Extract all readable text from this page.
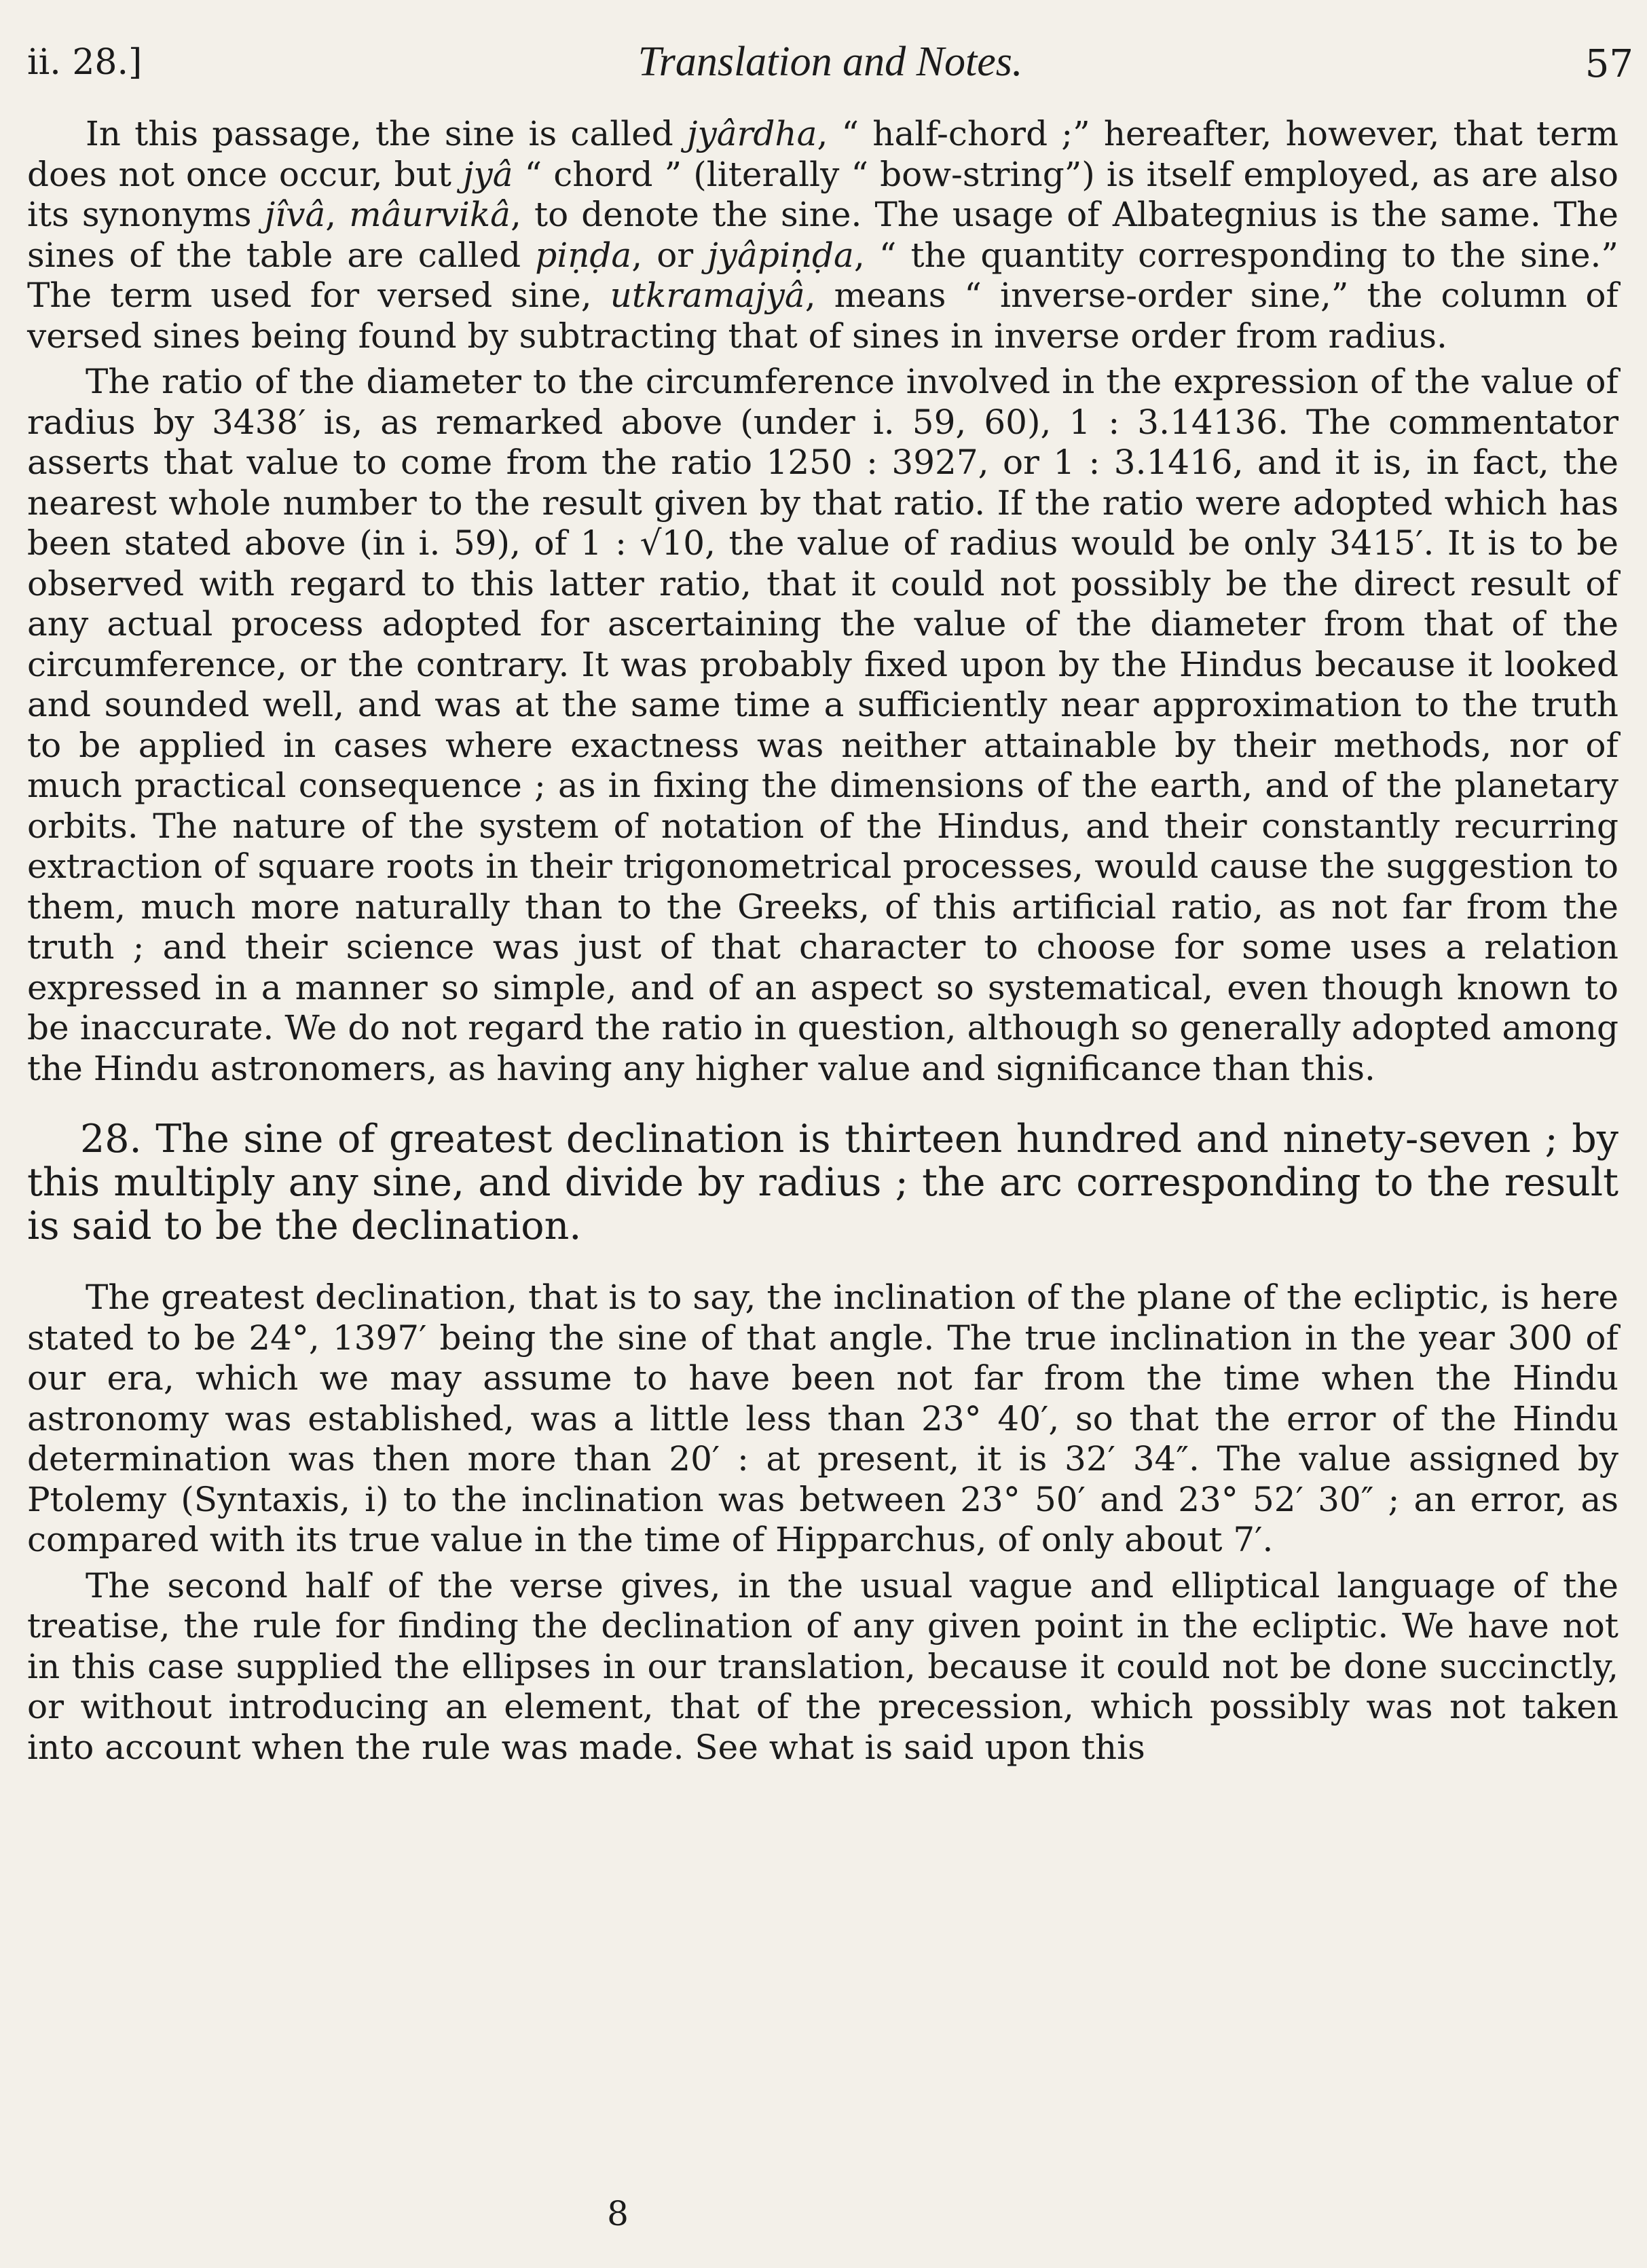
ii. 28.]	Translation and Notes.	57

In this passage, the sine is called jyârdha, “ half-chord ;” hereafter, however, that term does not once occur, but jyâ “ chord ” (literally “ bow-string”) is itself employed, as are also its synonyms jîvâ, mâurvikâ, to denote the sine. The usage of Albategnius is the same. The sines of the table are called piṇḍa, or jyâpiṇḍa, “ the quantity corresponding to the sine.” The term used for versed sine, utkramajyâ, means “ inverse-order sine,” the column of versed sines being found by subtracting that of sines in inverse order from radius.

The ratio of the diameter to the circumference involved in the expression of the value of radius by 3438′ is, as remarked above (under i. 59, 60), 1 : 3.14136. The commentator asserts that value to come from the ratio 1250 : 3927, or 1 : 3.1416, and it is, in fact, the nearest whole number to the result given by that ratio. If the ratio were adopted which has been stated above (in i. 59), of 1 : √10, the value of radius would be only 3415′. It is to be observed with regard to this latter ratio, that it could not possibly be the direct result of any actual process adopted for ascertaining the value of the diameter from that of the circumference, or the contrary. It was probably fixed upon by the Hindus because it looked and sounded well, and was at the same time a sufficiently near approximation to the truth to be applied in cases where exactness was neither attainable by their methods, nor of much practical consequence ; as in fixing the dimensions of the earth, and of the planetary orbits. The nature of the system of notation of the Hindus, and their constantly recurring extraction of square roots in their trigonometrical processes, would cause the suggestion to them, much more naturally than to the Greeks, of this artificial ratio, as not far from the truth ; and their science was just of that character to choose for some uses a relation expressed in a manner so simple, and of an aspect so systematical, even though known to be inaccurate. We do not regard the ratio in question, although so generally adopted among the Hindu astronomers, as having any higher value and significance than this.

28. The sine of greatest declination is thirteen hundred and ninety-seven ; by this multiply any sine, and divide by radius ; the arc corresponding to the result is said to be the declination.

The greatest declination, that is to say, the inclination of the plane of the ecliptic, is here stated to be 24°, 1397′ being the sine of that angle. The true inclination in the year 300 of our era, which we may assume to have been not far from the time when the Hindu astronomy was established, was a little less than 23° 40′, so that the error of the Hindu determination was then more than 20′ : at present, it is 32′ 34″. The value assigned by Ptolemy (Syntaxis, i) to the inclination was between 23° 50′ and 23° 52′ 30″ ; an error, as compared with its true value in the time of Hipparchus, of only about 7′.

The second half of the verse gives, in the usual vague and elliptical language of the treatise, the rule for finding the declination of any given point in the ecliptic. We have not in this case supplied the ellipses in our translation, because it could not be done succinctly, or without introducing an element, that of the precession, which possibly was not taken into account when the rule was made. See what is said upon this

8
